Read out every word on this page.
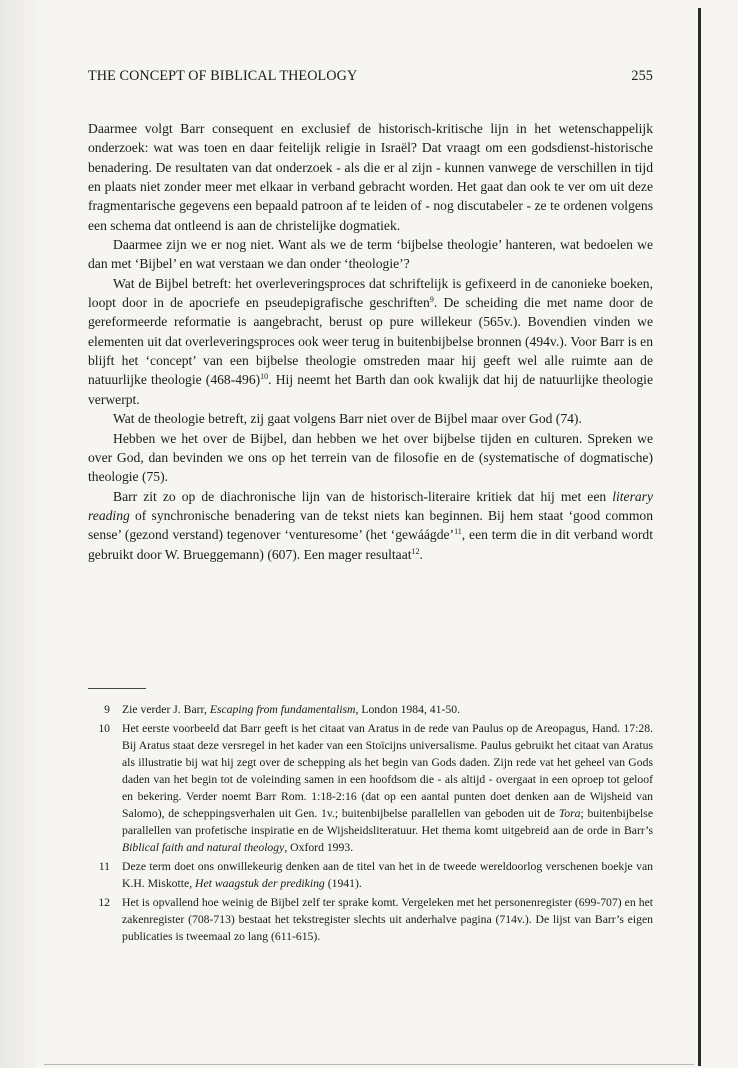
THE CONCEPT OF BIBLICAL THEOLOGY	255

Daarmee volgt Barr consequent en exclusief de historisch-kritische lijn in het wetenschappelijk onderzoek: wat was toen en daar feitelijk religie in Israël? Dat vraagt om een godsdienst-historische benadering. De resultaten van dat onderzoek - als die er al zijn - kunnen vanwege de verschillen in tijd en plaats niet zonder meer met elkaar in verband gebracht worden. Het gaat dan ook te ver om uit deze fragmentarische gegevens een bepaald patroon af te leiden of - nog discutabeler - ze te ordenen volgens een schema dat ontleend is aan de christelijke dogmatiek.

Daarmee zijn we er nog niet. Want als we de term ‘bijbelse theologie’ hanteren, wat bedoelen we dan met ‘Bijbel’ en wat verstaan we dan onder ‘theologie’?

Wat de Bijbel betreft: het overleveringsproces dat schriftelijk is gefixeerd in de canonieke boeken, loopt door in de apocriefe en pseudepigrafische geschriften$^9$. De scheiding die met name door de gereformeerde reformatie is aangebracht, berust op pure willekeur (565v.). Bovendien vinden we elementen uit dat overleveringsproces ook weer terug in buitenbijbelse bronnen (494v.). Voor Barr is en blijft het ‘concept’ van een bijbelse theologie omstreden maar hij geeft wel alle ruimte aan de natuurlijke theologie $(468-496)^{10}$. Hij neemt het Barth dan ook kwalijk dat hij de natuurlijke theologie verwerpt.

Wat de theologie betreft, zij gaat volgens Barr niet over de Bijbel maar over God (74).

Hebben we het over de Bijbel, dan hebben we het over bijbelse tijden en culturen. Spreken we over God, dan bevinden we ons op het terrein van de filosofie en de (systematische of dogmatische) theologie (75).

Barr zit zo op de diachronische lijn van de historisch-literaire kritiek dat hij met een literary reading of synchronische benadering van de tekst niets kan beginnen. Bij hem staat ‘good common sense’ (gezond verstand) tegenover ‘venturesome’ (het ‘gewáágde’$^{11}$, een term die in dit verband wordt gebruikt door W. Brueggemann) (607). Een mager resultaat$^{12}$.

9	Zie verder J. Barr, Escaping from fundamentalism, London 1984, 41-50.
10	Het eerste voorbeeld dat Barr geeft is het citaat van Aratus in de rede van Paulus op de Areopagus, Hand. 17:28. Bij Aratus staat deze versregel in het kader van een Stoïcijns universalisme. Paulus gebruikt het citaat van Aratus als illustratie bij wat hij zegt over de schepping als het begin van Gods daden. Zijn rede vat het geheel van Gods daden van het begin tot de voleinding samen in een hoofdsom die - als altijd - overgaat in een oproep tot geloof en bekering. Verder noemt Barr Rom. 1:18-2:16 (dat op een aantal punten doet denken aan de Wijsheid van Salomo), de scheppingsverhalen uit Gen. 1v.; buitenbijbelse parallellen van geboden uit de Tora; buitenbijbelse parallellen van profetische inspiratie en de Wijsheidsliteratuur. Het thema komt uitgebreid aan de orde in Barr’s Biblical faith and natural theology, Oxford 1993.
11	Deze term doet ons onwillekeurig denken aan de titel van het in de tweede wereldoorlog verschenen boekje van K.H. Miskotte, Het waagstuk der prediking (1941).
12	Het is opvallend hoe weinig de Bijbel zelf ter sprake komt. Vergeleken met het personenregister (699-707) en het zakenregister (708-713) bestaat het tekstregister slechts uit anderhalve pagina (714v.). De lijst van Barr’s eigen publicaties is tweemaal zo lang (611-615).
